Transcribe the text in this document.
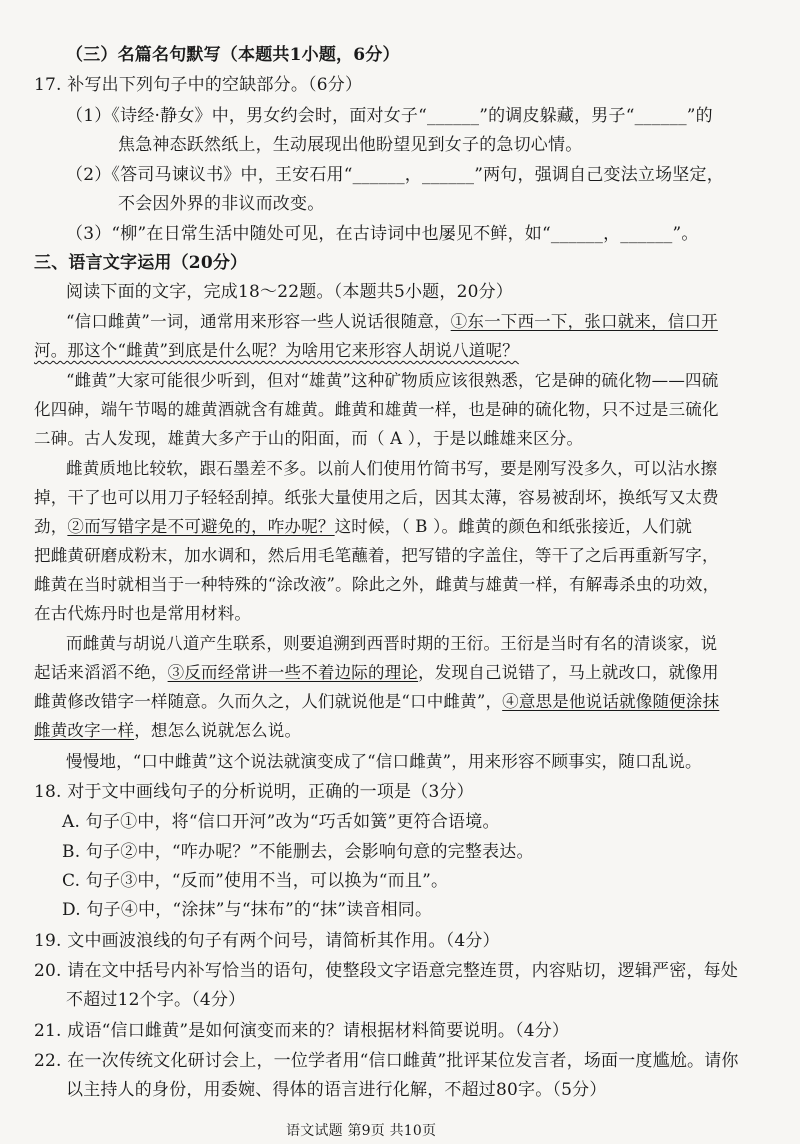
（三）名篇名句默写（本题共1小题，6分）
17. 补写出下列句子中的空缺部分。（6分）
（1）《诗经·静女》中，男女约会时，面对女子“______”的调皮躲藏，男子“______”的
焦急神态跃然纸上，生动展现出他盼望见到女子的急切心情。
（2）《答司马谏议书》中，王安石用“______，______”两句，强调自己变法立场坚定，
不会因外界的非议而改变。
（3）“柳”在日常生活中随处可见，在古诗词中也屡见不鲜，如“______，______”。
三、语言文字运用（20分）
阅读下面的文字，完成18～22题。（本题共5小题，20分）
“信口雌黄”一词，通常用来形容一些人说话很随意，①东一下西一下，张口就来，信口开
河。那这个“雌黄”到底是什么呢？为啥用它来形容人胡说八道呢？
“雌黄”大家可能很少听到，但对“雄黄”这种矿物质应该很熟悉，它是砷的硫化物——四硫
化四砷，端午节喝的雄黄酒就含有雄黄。雌黄和雄黄一样，也是砷的硫化物，只不过是三硫化
二砷。古人发现，雄黄大多产于山的阳面，而（ A ），于是以雌雄来区分。
雌黄质地比较软，跟石墨差不多。以前人们使用竹简书写，要是刚写没多久，可以沾水擦
掉，干了也可以用刀子轻轻刮掉。纸张大量使用之后，因其太薄，容易被刮坏，换纸写又太费
劲，②而写错字是不可避免的，咋办呢？这时候，（ B ）。雌黄的颜色和纸张接近，人们就
把雌黄研磨成粉末，加水调和，然后用毛笔蘸着，把写错的字盖住，等干了之后再重新写字，
雌黄在当时就相当于一种特殊的“涂改液”。除此之外，雌黄与雄黄一样，有解毒杀虫的功效，
在古代炼丹时也是常用材料。
而雌黄与胡说八道产生联系，则要追溯到西晋时期的王衍。王衍是当时有名的清谈家，说
起话来滔滔不绝，③反而经常讲一些不着边际的理论，发现自己说错了，马上就改口，就像用
雌黄修改错字一样随意。久而久之，人们就说他是“口中雌黄”，④意思是他说话就像随便涂抹
雌黄改字一样，想怎么说就怎么说。
慢慢地，“口中雌黄”这个说法就演变成了“信口雌黄”，用来形容不顾事实，随口乱说。
18. 对于文中画线句子的分析说明，正确的一项是（3分）
A. 句子①中，将“信口开河”改为“巧舌如簧”更符合语境。
B. 句子②中，“咋办呢？”不能删去，会影响句意的完整表达。
C. 句子③中，“反而”使用不当，可以换为“而且”。
D. 句子④中，“涂抹”与“抹布”的“抹”读音相同。
19. 文中画波浪线的句子有两个问号，请简析其作用。（4分）
20. 请在文中括号内补写恰当的语句，使整段文字语意完整连贯，内容贴切，逻辑严密，每处
不超过12个字。（4分）
21. 成语“信口雌黄”是如何演变而来的？请根据材料简要说明。（4分）
22. 在一次传统文化研讨会上，一位学者用“信口雌黄”批评某位发言者，场面一度尴尬。请你
以主持人的身份，用委婉、得体的语言进行化解，不超过80字。（5分）
语文试题 第9页 共10页
